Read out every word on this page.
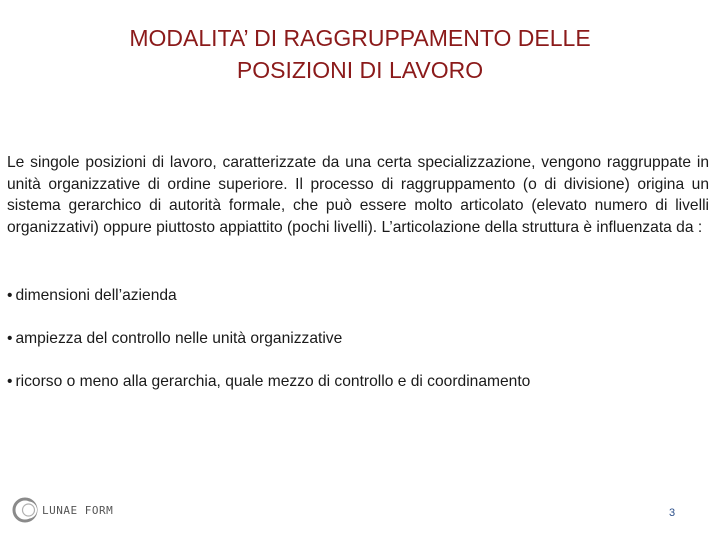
MODALITA’ DI RAGGRUPPAMENTO DELLE
POSIZIONI DI LAVORO

Le singole posizioni di lavoro, caratterizzate da una certa specializzazione, vengono raggruppate in unità organizzative di ordine superiore. Il processo di raggruppamento (o di divisione) origina un sistema gerarchico di autorità formale, che può essere molto articolato (elevato numero di livelli organizzativi) oppure piuttosto appiattito (pochi livelli). L’articolazione della struttura è influenzata da :

• dimensioni dell’azienda
• ampiezza del controllo nelle unità organizzative
• ricorso o meno alla gerarchia, quale mezzo di controllo e di coordinamento
LUNAE FORM	3
